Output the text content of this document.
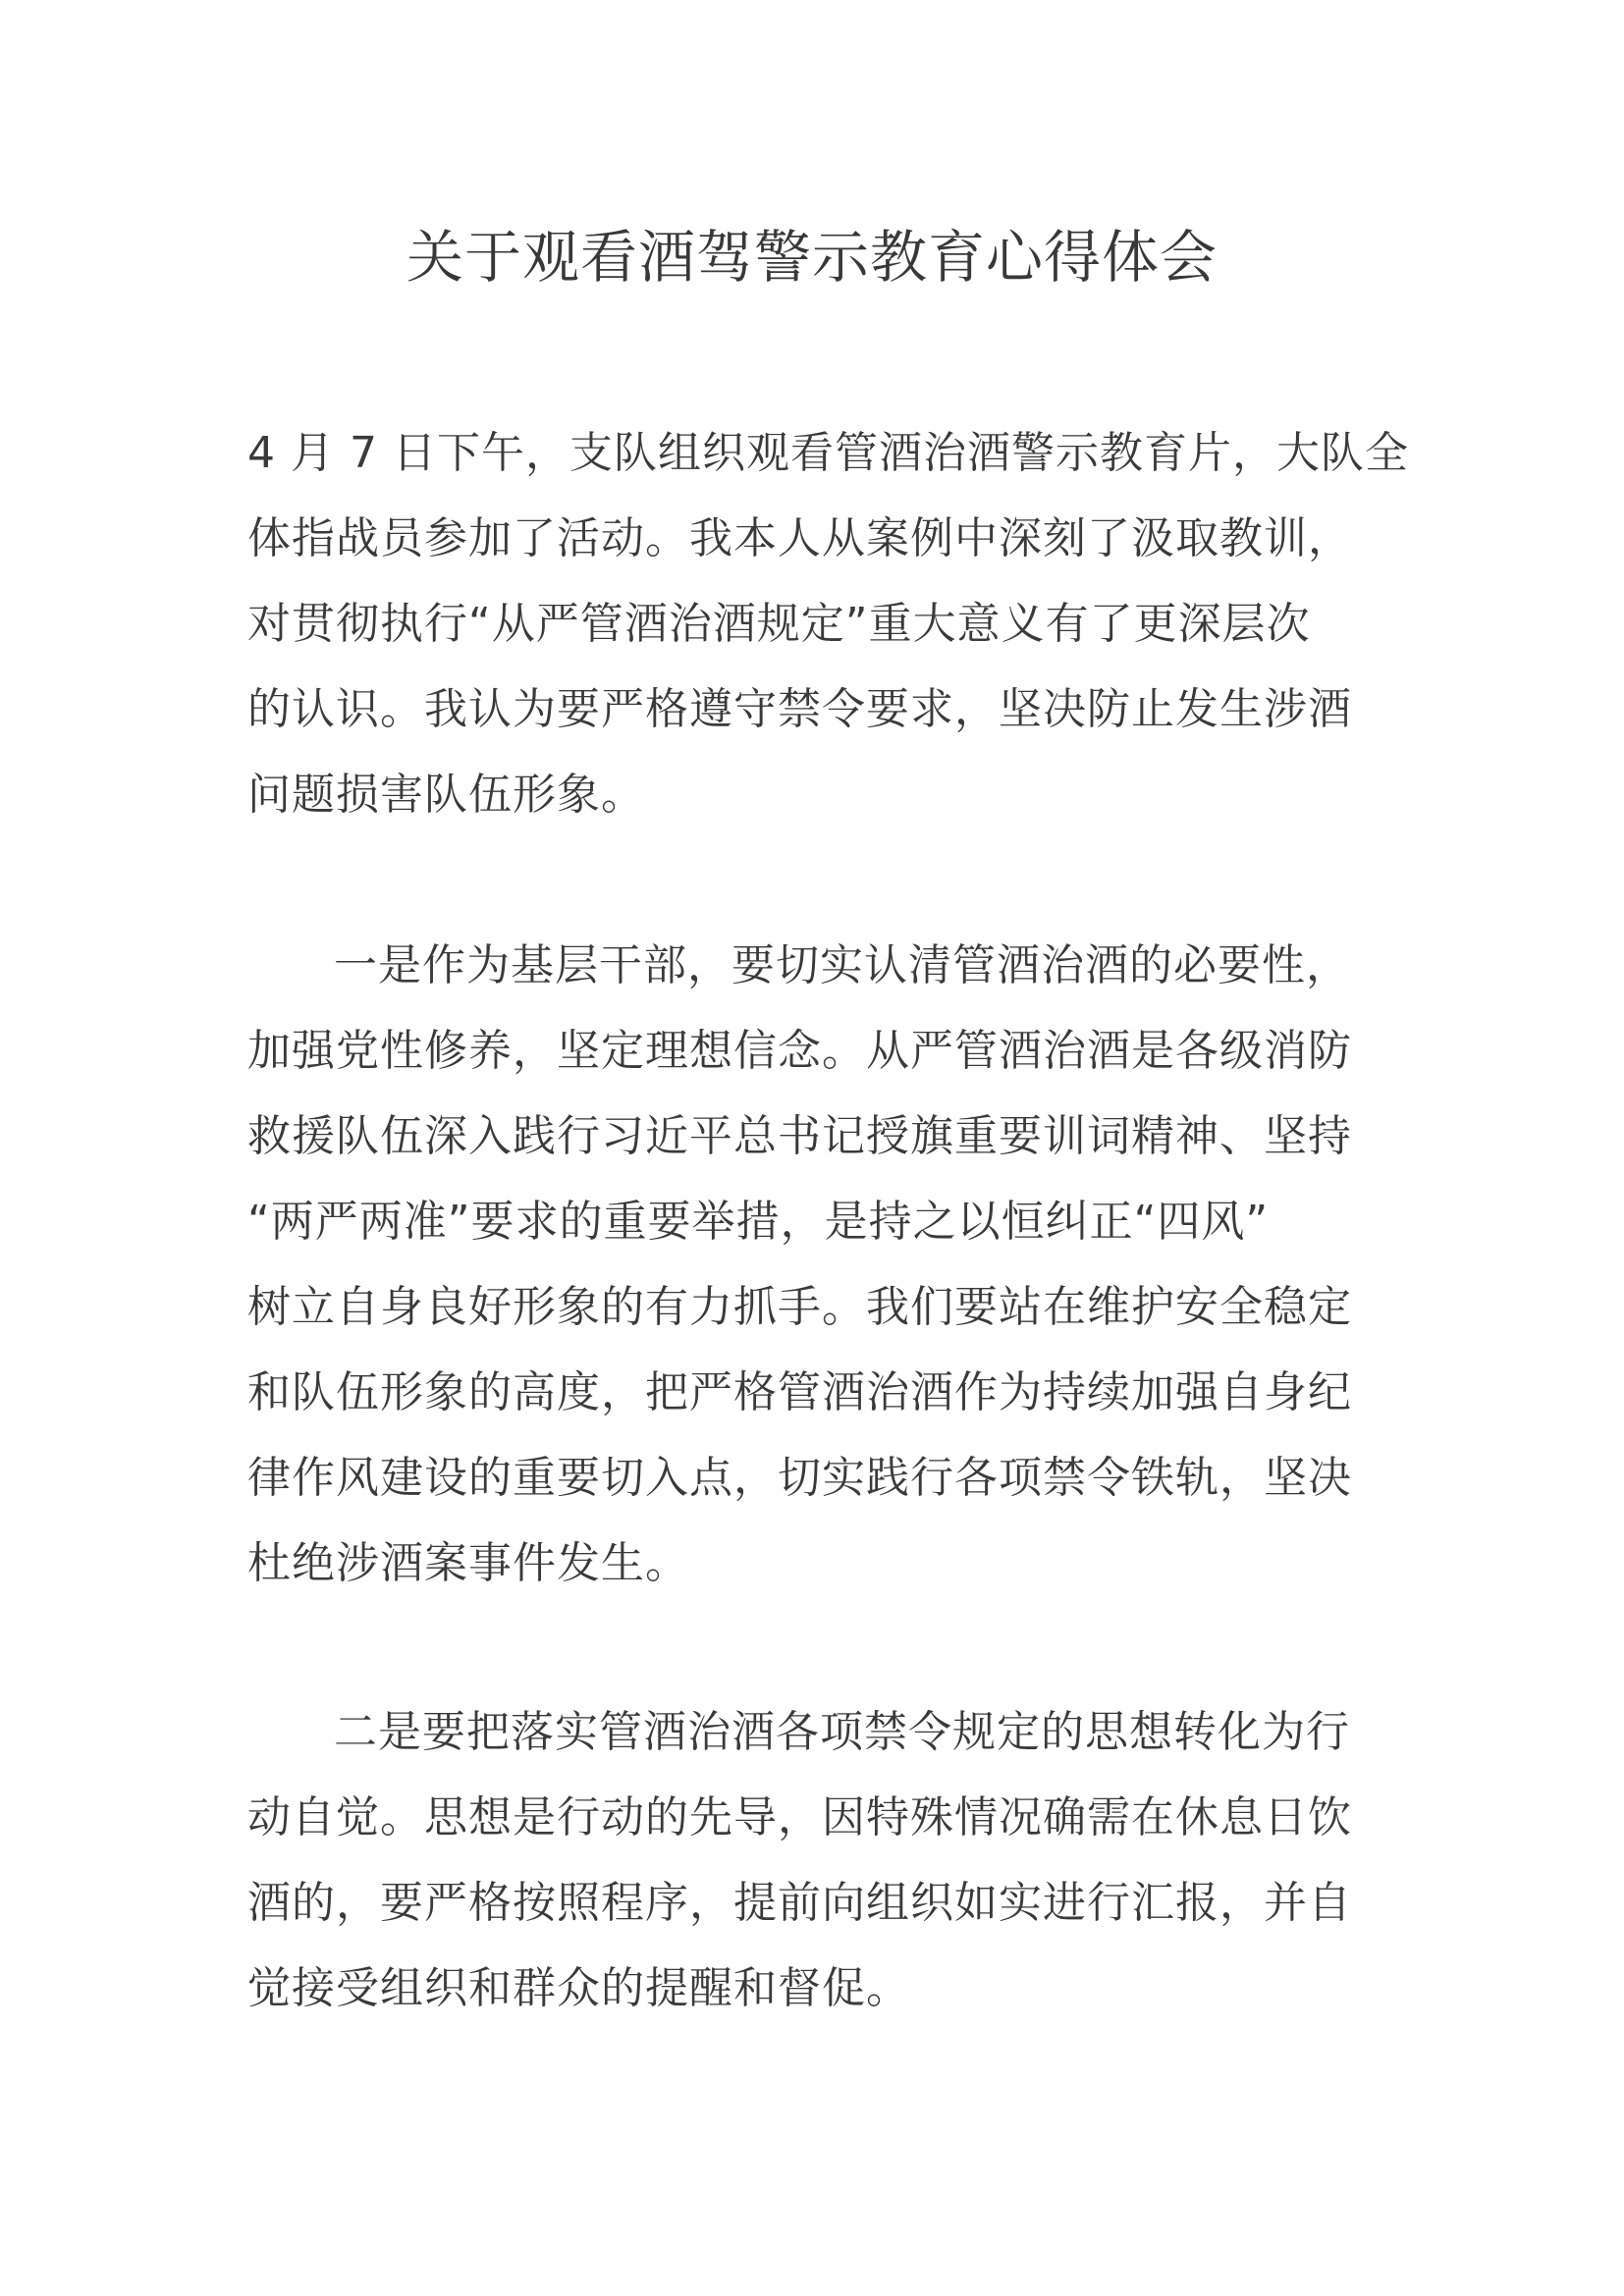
关于观看酒驾警示教育心得体会
4 月 7 日下午，支队组织观看管酒治酒警示教育片，大队全
体指战员参加了活动。我本人从案例中深刻了汲取教训，
对贯彻执行“从严管酒治酒规定”重大意义有了更深层次
的认识。我认为要严格遵守禁令要求，坚决防止发生涉酒
问题损害队伍形象。
一是作为基层干部，要切实认清管酒治酒的必要性，
加强党性修养，坚定理想信念。从严管酒治酒是各级消防
救援队伍深入践行习近平总书记授旗重要训词精神、坚持
“两严两准”要求的重要举措，是持之以恒纠正“四风”
树立自身良好形象的有力抓手。我们要站在维护安全稳定
和队伍形象的高度，把严格管酒治酒作为持续加强自身纪
律作风建设的重要切入点，切实践行各项禁令铁轨，坚决
杜绝涉酒案事件发生。
二是要把落实管酒治酒各项禁令规定的思想转化为行
动自觉。思想是行动的先导，因特殊情况确需在休息日饮
酒的，要严格按照程序，提前向组织如实进行汇报，并自
觉接受组织和群众的提醒和督促。
